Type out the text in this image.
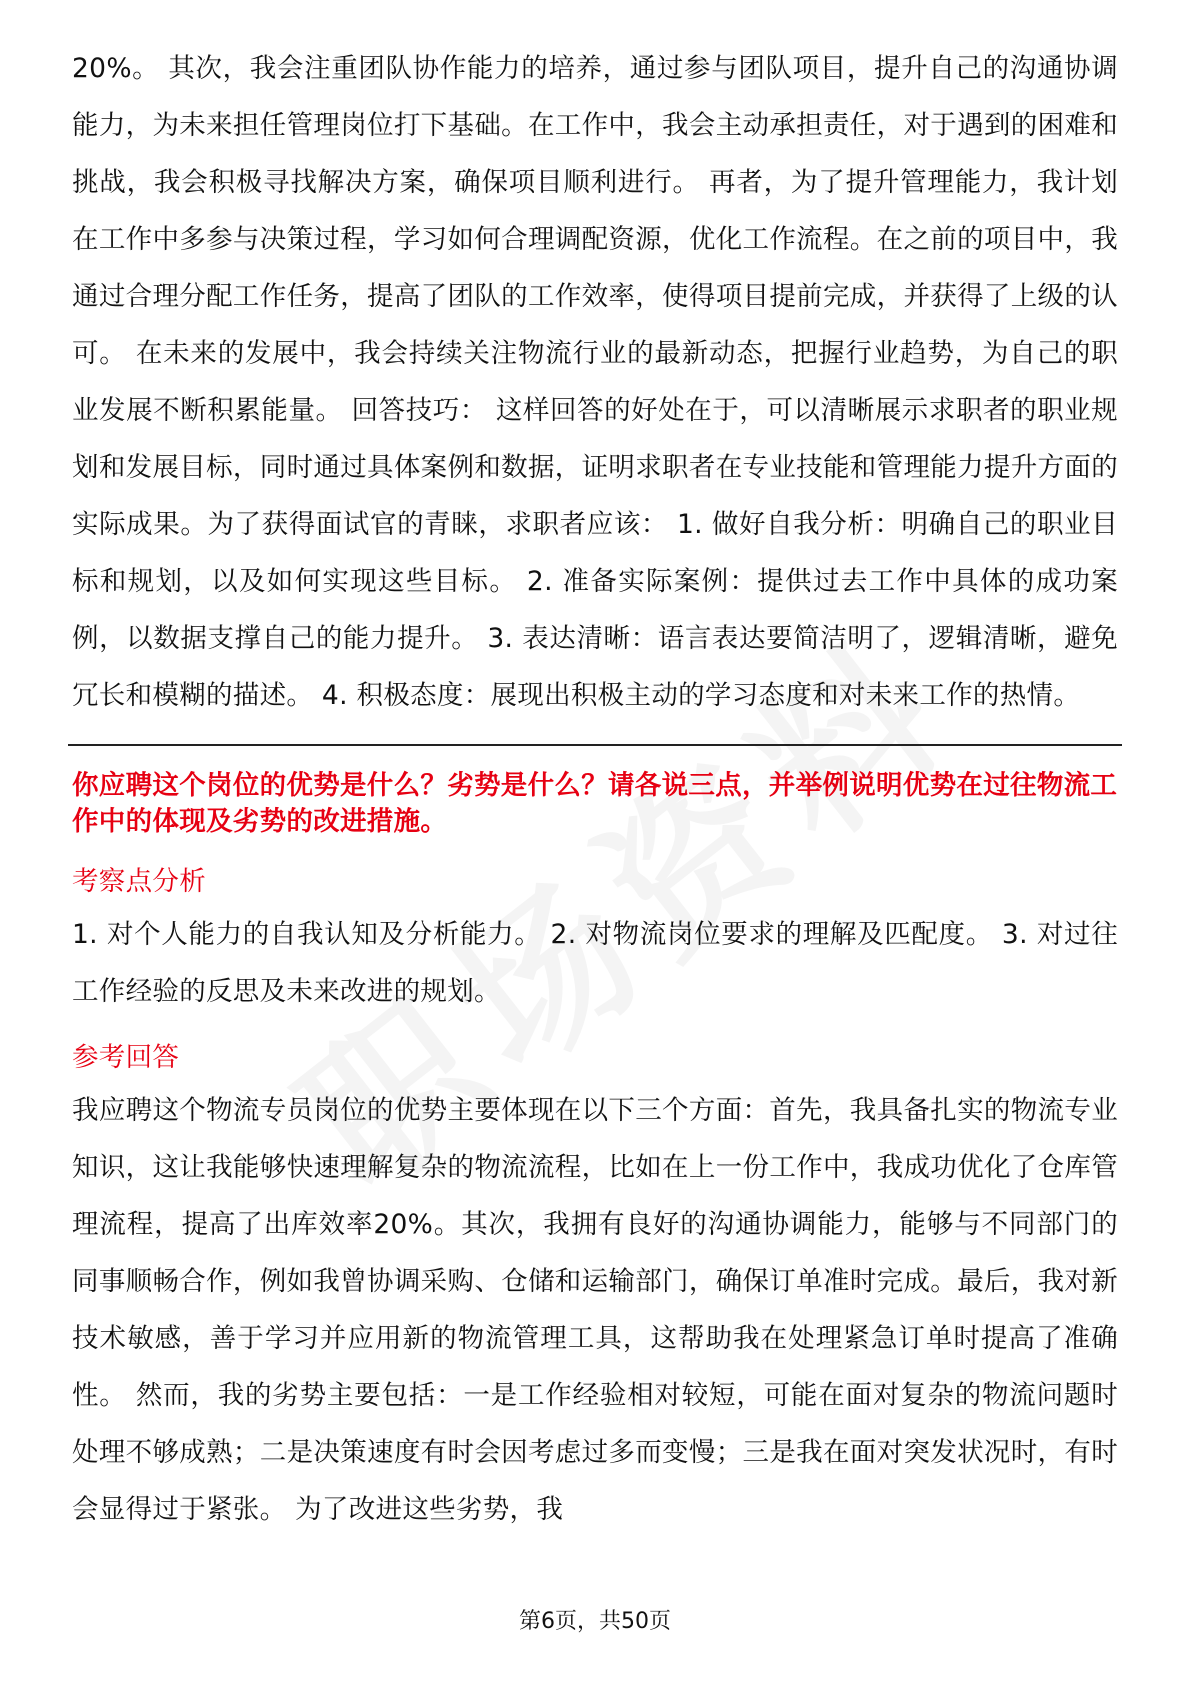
20%。 其次，我会注重团队协作能力的培养，通过参与团队项目，提升自己的沟通协调能力，为未来担任管理岗位打下基础。在工作中，我会主动承担责任，对于遇到的困难和挑战，我会积极寻找解决方案，确保项目顺利进行。 再者，为了提升管理能力，我计划在工作中多参与决策过程，学习如何合理调配资源，优化工作流程。在之前的项目中，我通过合理分配工作任务，提高了团队的工作效率，使得项目提前完成，并获得了上级的认可。 在未来的发展中，我会持续关注物流行业的最新动态，把握行业趋势，为自己的职业发展不断积累能量。 回答技巧： 这样回答的好处在于，可以清晰展示求职者的职业规划和发展目标，同时通过具体案例和数据，证明求职者在专业技能和管理能力提升方面的实际成果。为了获得面试官的青睐，求职者应该： 1. 做好自我分析：明确自己的职业目标和规划，以及如何实现这些目标。 2. 准备实际案例：提供过去工作中具体的成功案例，以数据支撑自己的能力提升。 3. 表达清晰：语言表达要简洁明了，逻辑清晰，避免冗长和模糊的描述。 4. 积极态度：展现出积极主动的学习态度和对未来工作的热情。

你应聘这个岗位的优势是什么？劣势是什么？请各说三点，并举例说明优势在过往物流工作中的体现及劣势的改进措施。

考察点分析

1. 对个人能力的自我认知及分析能力。 2. 对物流岗位要求的理解及匹配度。 3. 对过往工作经验的反思及未来改进的规划。

参考回答

我应聘这个物流专员岗位的优势主要体现在以下三个方面：首先，我具备扎实的物流专业知识，这让我能够快速理解复杂的物流流程，比如在上一份工作中，我成功优化了仓库管理流程，提高了出库效率20%。其次，我拥有良好的沟通协调能力，能够与不同部门的同事顺畅合作，例如我曾协调采购、仓储和运输部门，确保订单准时完成。最后，我对新技术敏感，善于学习并应用新的物流管理工具，这帮助我在处理紧急订单时提高了准确性。 然而，我的劣势主要包括：一是工作经验相对较短，可能在面对复杂的物流问题时处理不够成熟；二是决策速度有时会因考虑过多而变慢；三是我在面对突发状况时，有时会显得过于紧张。 为了改进这些劣势，我

第6页，共50页
